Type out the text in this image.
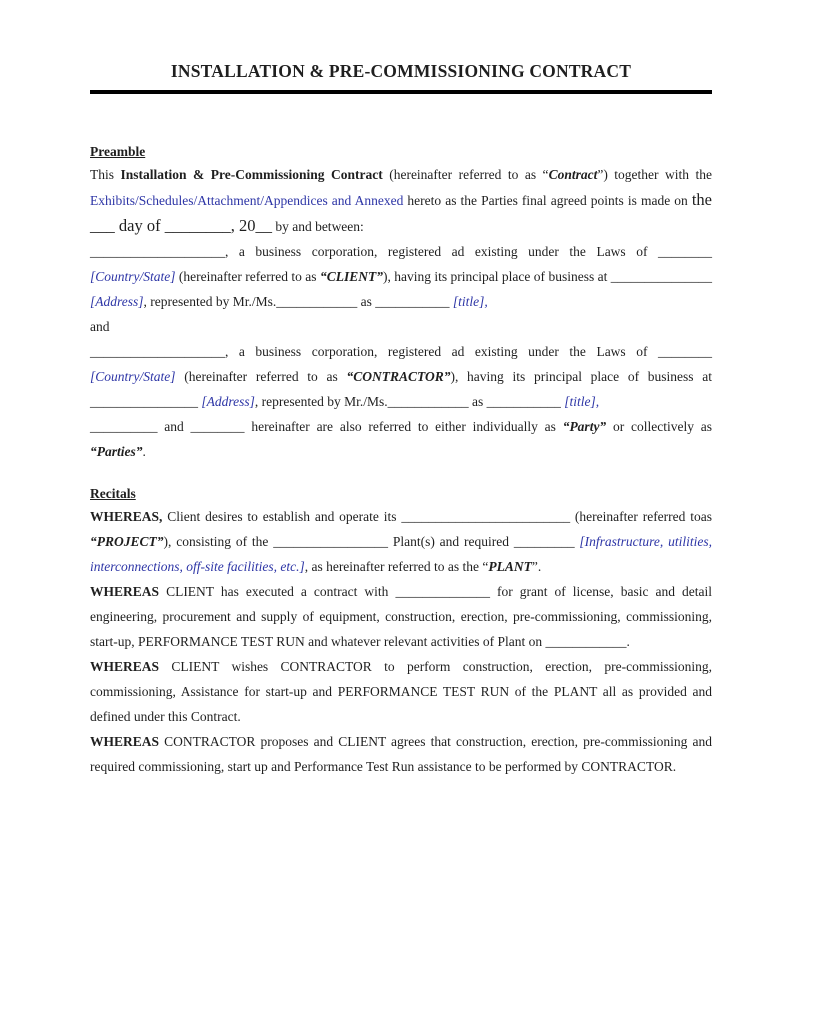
INSTALLATION & PRE-COMMISSIONING CONTRACT
Preamble

This Installation & Pre-Commissioning Contract (hereinafter referred to as “Contract”) together with the Exhibits/Schedules/Attachment/Appendices and Annexed hereto as the Parties final agreed points is made on the ___ day of ________, 20__ by and between:

____________________, a business corporation, registered ad existing under the Laws of ________ [Country/State] (hereinafter referred to as “CLIENT”), having its principal place of business at _______________ [Address], represented by Mr./Ms.____________ as ___________ [title],

and

____________________, a business corporation, registered ad existing under the Laws of ________ [Country/State] (hereinafter referred to as “CONTRACTOR”), having its principal place of business at ________________ [Address], represented by Mr./Ms.____________ as ___________ [title],

__________ and ________ hereinafter are also referred to either individually as “Party” or collectively as “Parties”.

Recitals

WHEREAS, Client desires to establish and operate its _________________________ (hereinafter referred toas “PROJECT”), consisting of the _________________ Plant(s) and required _________ [Infrastructure, utilities, interconnections, off-site facilities, etc.], as hereinafter referred to as the “PLANT”.

WHEREAS CLIENT has executed a contract with ______________ for grant of license, basic and detail engineering, procurement and supply of equipment, construction, erection, pre-commissioning, commissioning, start-up, PERFORMANCE TEST RUN and whatever relevant activities of Plant on ____________.

WHEREAS CLIENT wishes CONTRACTOR to perform construction, erection, pre-commissioning, commissioning, Assistance for start-up and PERFORMANCE TEST RUN of the PLANT all as provided and defined under this Contract.

WHEREAS CONTRACTOR proposes and CLIENT agrees that construction, erection, pre-commissioning and required commissioning, start up and Performance Test Run assistance to be performed by CONTRACTOR.
